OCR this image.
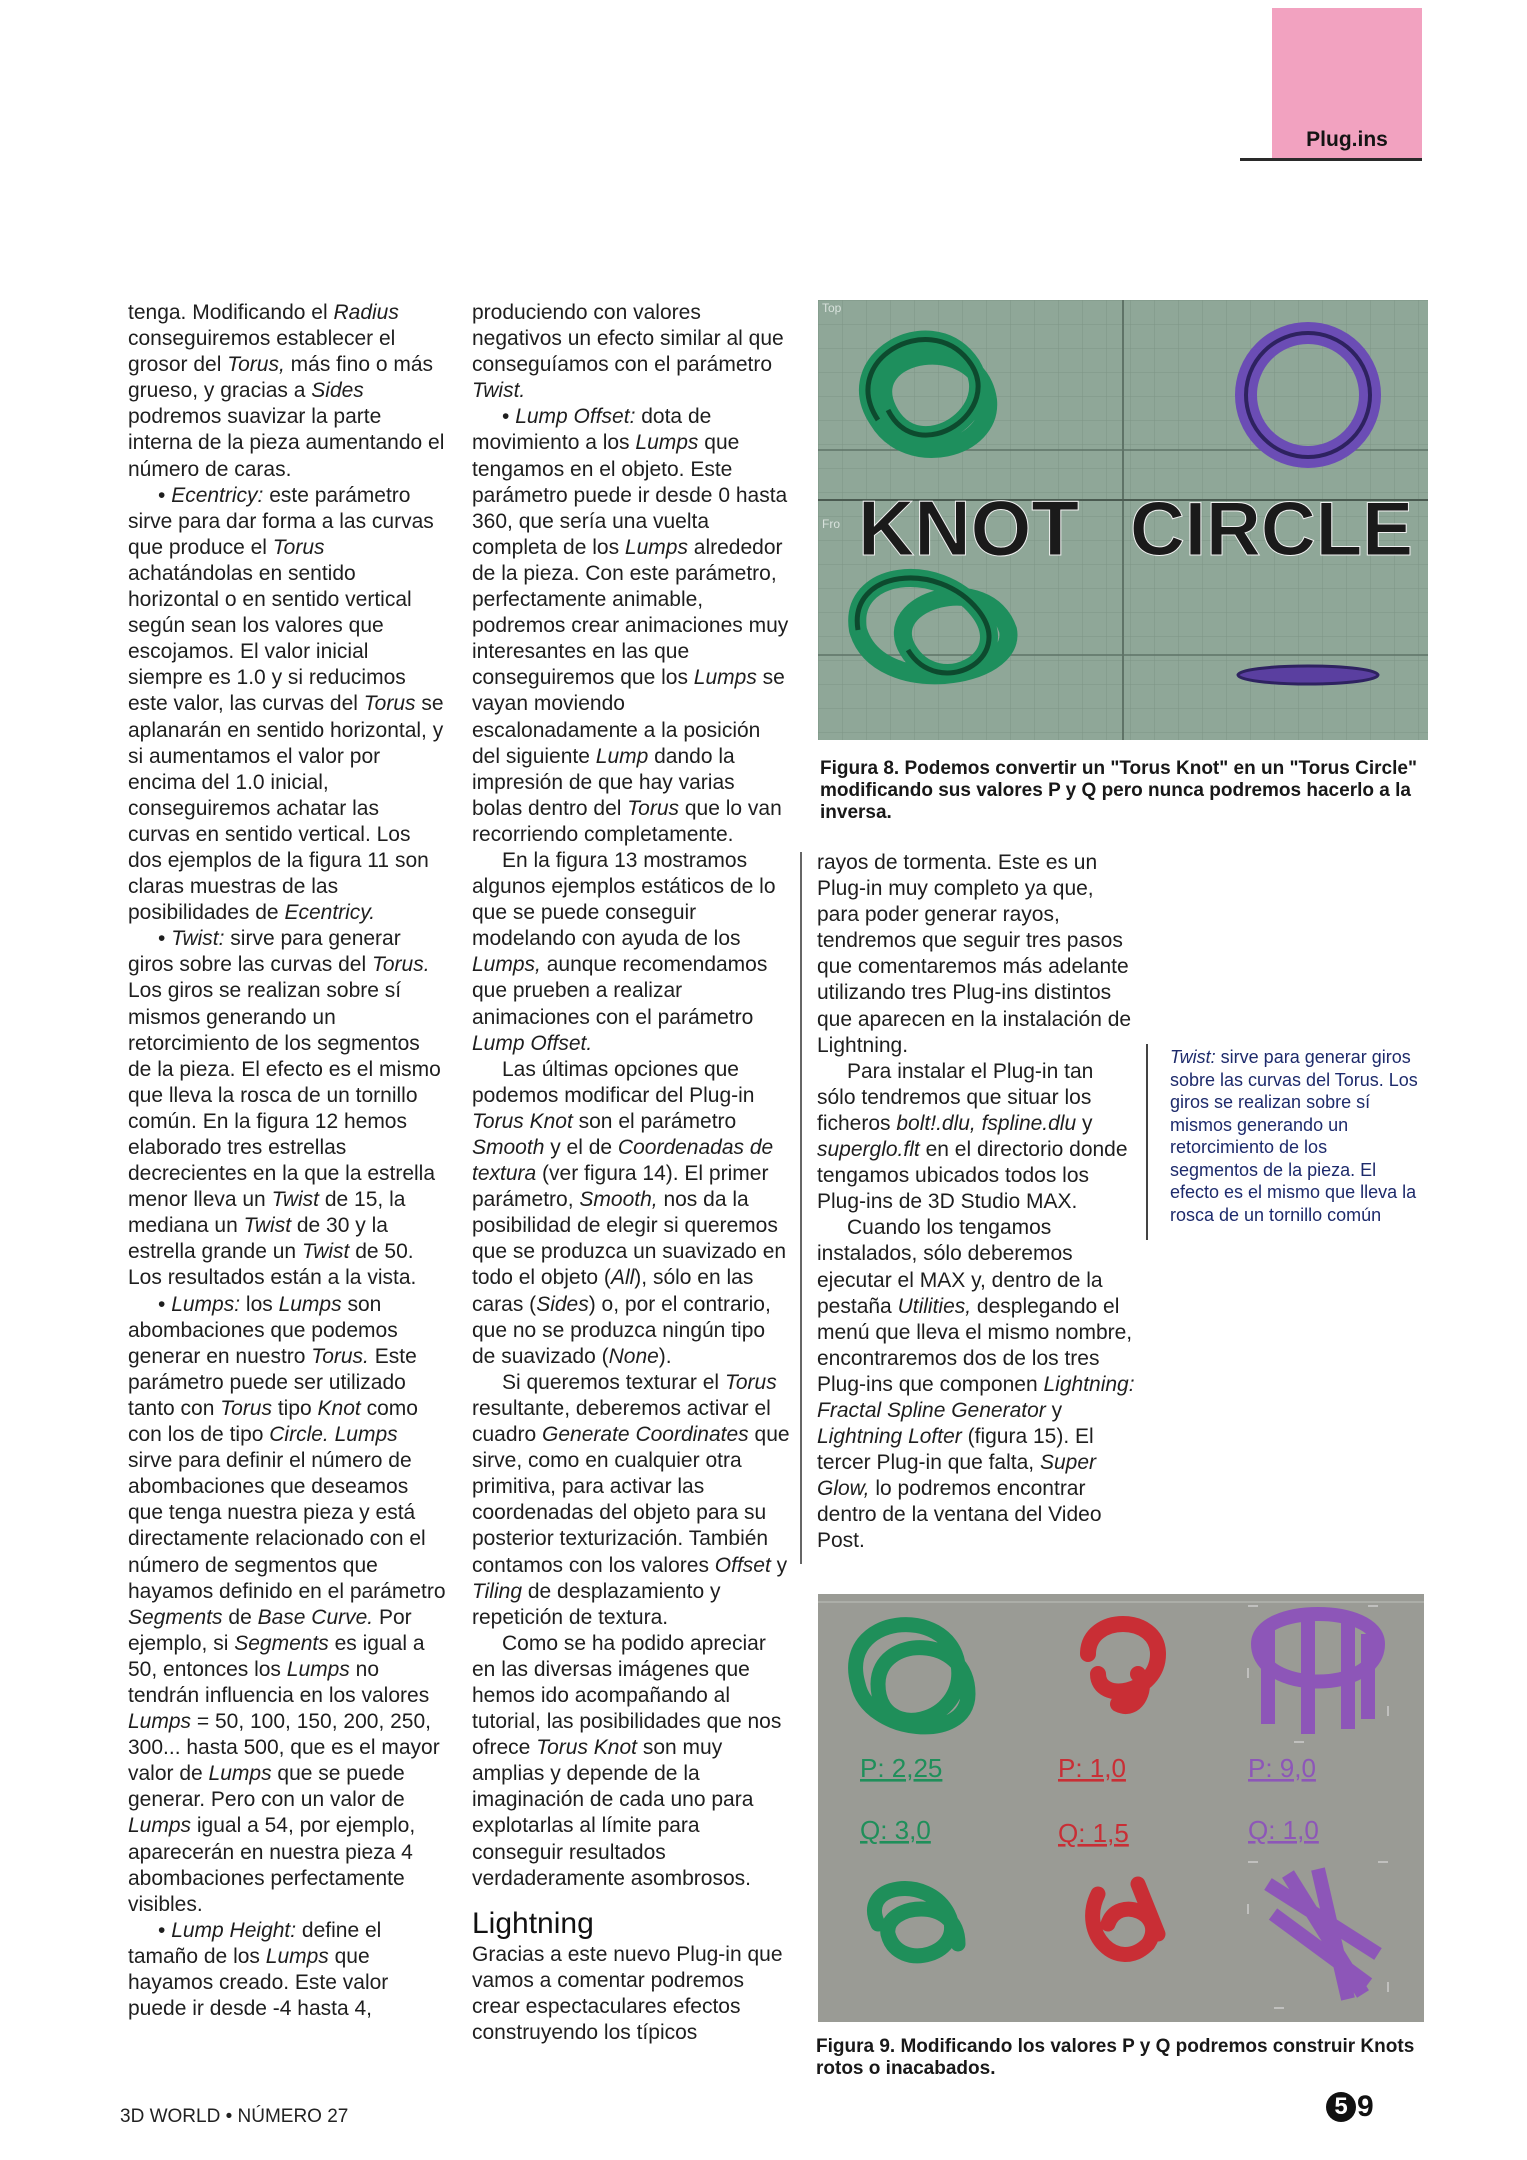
Plug.ins

tenga. Modificando el Radius conseguiremos establecer el grosor del Torus, más fino o más grueso, y gracias a Sides podremos suavizar la parte interna de la pieza aumentando el número de caras.

• Ecentricy: este parámetro sirve para dar forma a las curvas que produce el Torus achatándolas en sentido horizontal o en sentido vertical según sean los valores que escojamos. El valor inicial siempre es 1.0 y si reducimos este valor, las curvas del Torus se aplanarán en sentido horizontal, y si aumentamos el valor por encima del 1.0 inicial, conseguiremos achatar las curvas en sentido vertical. Los dos ejemplos de la figura 11 son claras muestras de las posibilidades de Ecentricy.

• Twist: sirve para generar giros sobre las curvas del Torus. Los giros se realizan sobre sí mismos generando un retorcimiento de los segmentos de la pieza. El efecto es el mismo que lleva la rosca de un tornillo común. En la figura 12 hemos elaborado tres estrellas decrecientes en la que la estrella menor lleva un Twist de 15, la mediana un Twist de 30 y la estrella grande un Twist de 50. Los resultados están a la vista.

• Lumps: los Lumps son abombaciones que podemos generar en nuestro Torus. Este parámetro puede ser utilizado tanto con Torus tipo Knot como con los de tipo Circle. Lumps sirve para definir el número de abombaciones que deseamos que tenga nuestra pieza y está directamente relacionado con el número de segmentos que hayamos definido en el parámetro Segments de Base Curve. Por ejemplo, si Segments es igual a 50, entonces los Lumps no tendrán influencia en los valores Lumps = 50, 100, 150, 200, 250, 300... hasta 500, que es el mayor valor de Lumps que se puede generar. Pero con un valor de Lumps igual a 54, por ejemplo, aparecerán en nuestra pieza 4 abombaciones perfectamente visibles.

• Lump Height: define el tamaño de los Lumps que hayamos creado. Este valor puede ir desde -4 hasta 4,

produciendo con valores negativos un efecto similar al que conseguíamos con el parámetro Twist.

• Lump Offset: dota de movimiento a los Lumps que tengamos en el objeto. Este parámetro puede ir desde 0 hasta 360, que sería una vuelta completa de los Lumps alrededor de la pieza. Con este parámetro, perfectamente animable, podremos crear animaciones muy interesantes en las que conseguiremos que los Lumps se vayan moviendo escalonadamente a la posición del siguiente Lump dando la impresión de que hay varias bolas dentro del Torus que lo van recorriendo completamente.

En la figura 13 mostramos algunos ejemplos estáticos de lo que se puede conseguir modelando con ayuda de los Lumps, aunque recomendamos que prueben a realizar animaciones con el parámetro Lump Offset.

Las últimas opciones que podemos modificar del Plug-in Torus Knot son el parámetro Smooth y el de Coordenadas de textura (ver figura 14). El primer parámetro, Smooth, nos da la posibilidad de elegir si queremos que se produzca un suavizado en todo el objeto (All), sólo en las caras (Sides) o, por el contrario, que no se produzca ningún tipo de suavizado (None).

Si queremos texturar el Torus resultante, deberemos activar el cuadro Generate Coordinates que sirve, como en cualquier otra primitiva, para activar las coordenadas del objeto para su posterior texturización. También contamos con los valores Offset y Tiling de desplazamiento y repetición de textura.

Como se ha podido apreciar en las diversas imágenes que hemos ido acompañando al tutorial, las posibilidades que nos ofrece Torus Knot son muy amplias y depende de la imaginación de cada uno para explotarlas al límite para conseguir resultados verdaderamente asombrosos.

Lightning

Gracias a este nuevo Plug-in que vamos a comentar podremos crear espectaculares efectos construyendo los típicos

Top
Fro KNOT CIRCLE
Figura 8. Podemos convertir un "Torus Knot" en un "Torus Circle" modificando sus valores P y Q pero nunca podremos hacerlo a la inversa.

rayos de tormenta. Este es un Plug-in muy completo ya que, para poder generar rayos, tendremos que seguir tres pasos que comentaremos más adelante utilizando tres Plug-ins distintos que aparecen en la instalación de Lightning.

Para instalar el Plug-in tan sólo tendremos que situar los ficheros bolt!.dlu, fspline.dlu y superglo.flt en el directorio donde tengamos ubicados todos los Plug-ins de 3D Studio MAX.

Cuando los tengamos instalados, sólo deberemos ejecutar el MAX y, dentro de la pestaña Utilities, desplegando el menú que lleva el mismo nombre, encontraremos dos de los tres Plug-ins que componen Lightning: Fractal Spline Generator y Lightning Lofter (figura 15). El tercer Plug-in que falta, Super Glow, lo podremos encontrar dentro de la ventana del Video Post.

Twist: sirve para generar giros sobre las curvas del Torus. Los giros se realizan sobre sí mismos generando un retorcimiento de los segmentos de la pieza. El efecto es el mismo que lleva la rosca de un tornillo común
P: 2,25	P: 1,0	P: 9,0
Q: 3,0	Q: 1,5	Q: 1,0
Figura 9. Modificando los valores P y Q podremos construir Knots rotos o inacabados.
3D WORLD • NÚMERO 27	5 9
